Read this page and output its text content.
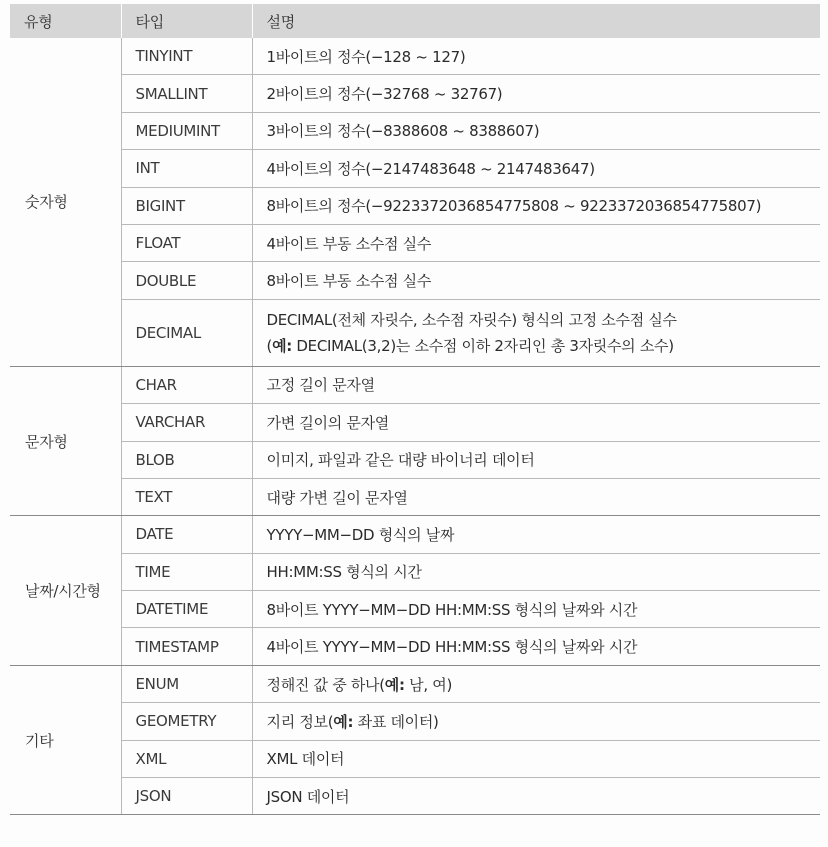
유형	타입	설명
숫자형	TINYINT	1바이트의 정수(−128 ~ 127)
	SMALLINT	2바이트의 정수(−32768 ~ 32767)
	MEDIUMINT	3바이트의 정수(−8388608 ~ 8388607)
	INT	4바이트의 정수(−2147483648 ~ 2147483647)
	BIGINT	8바이트의 정수(−9223372036854775808 ~ 9223372036854775807)
	FLOAT	4바이트 부동 소수점 실수
	DOUBLE	8바이트 부동 소수점 실수
	DECIMAL	DECIMAL(전체 자릿수, 소수점 자릿수) 형식의 고정 소수점 실수
(예: DECIMAL(3,2)는 소수점 이하 2자리인 총 3자릿수의 소수)

문자형	CHAR	고정 길이 문자열
	VARCHAR	가변 길이의 문자열
	BLOB	이미지, 파일과 같은 대량 바이너리 데이터
	TEXT	대량 가변 길이 문자열
날짜/시간형	DATE	YYYY−MM−DD 형식의 날짜
	TIME	HH:MM:SS 형식의 시간
	DATETIME	8바이트 YYYY−MM−DD HH:MM:SS 형식의 날짜와 시간
	TIMESTAMP	4바이트 YYYY−MM−DD HH:MM:SS 형식의 날짜와 시간
기타	ENUM	정해진 값 중 하나(예: 남, 여)
	GEOMETRY	지리 정보(예: 좌표 데이터)
	XML	XML 데이터
	JSON	JSON 데이터
